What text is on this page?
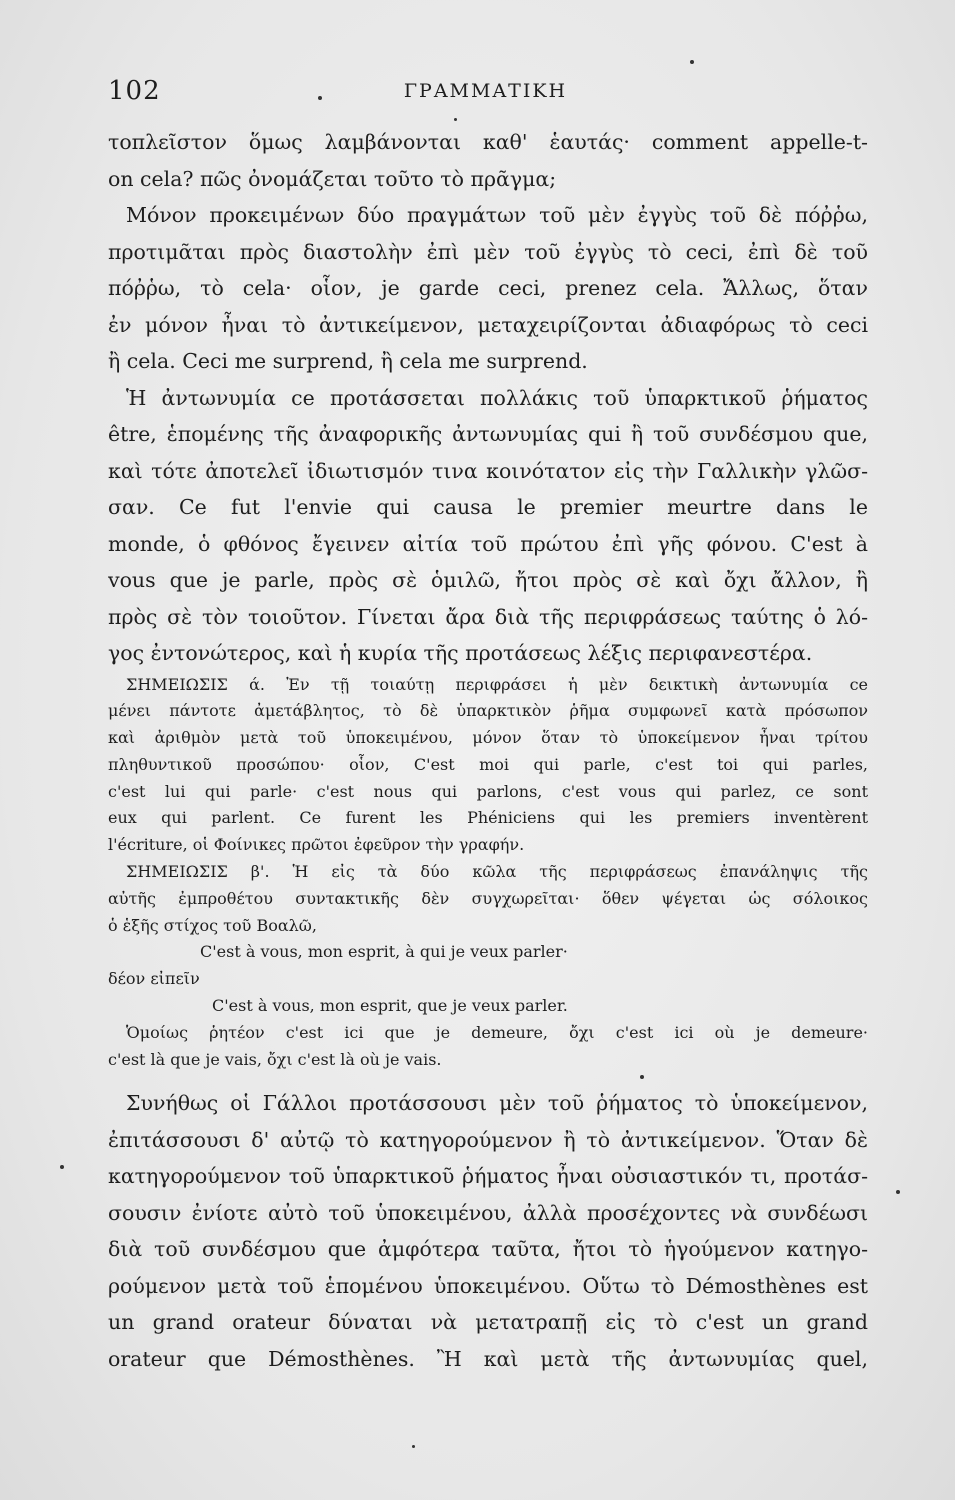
102	ΓΡΑΜΜΑΤΙΚΗ

τοπλεῖστον ὅμως λαμβάνονται καθ' ἑαυτάς· comment appelle-t-

on cela? πῶς ὀνομάζεται τοῦτο τὸ πρᾶγμα;

Μόνον προκειμένων δύο πραγμάτων τοῦ μὲν ἐγγὺς τοῦ δὲ πόῤῥω,

προτιμᾶται πρὸς διαστολὴν ἐπὶ μὲν τοῦ ἐγγὺς τὸ ceci, ἐπὶ δὲ τοῦ

πόῤῥω, τὸ cela· οἷον, je garde ceci, prenez cela. Ἄλλως, ὅταν

ἐν μόνον ἦναι τὸ ἀντικείμενον, μεταχειρίζονται ἀδιαφόρως τὸ ceci

ἢ cela. Ceci me surprend, ἢ cela me surprend.

Ἡ ἀντωνυμία ce προτάσσεται πολλάκις τοῦ ὑπαρκτικοῦ ῥήματος

être, ἑπομένης τῆς ἀναφορικῆς ἀντωνυμίας qui ἢ τοῦ συνδέσμου que,

καὶ τότε ἀποτελεῖ ἰδιωτισμόν τινα κοινότατον εἰς τὴν Γαλλικὴν γλῶσ-

σαν. Ce fut l'envie qui causa le premier meurtre dans le

monde, ὁ φθόνος ἔγεινεν αἰτία τοῦ πρώτου ἐπὶ γῆς φόνου. C'est à

vous que je parle, πρὸς σὲ ὁμιλῶ, ἤτοι πρὸς σὲ καὶ ὄχι ἄλλον, ἢ

πρὸς σὲ τὸν τοιοῦτον. Γίνεται ἄρα διὰ τῆς περιφράσεως ταύτης ὁ λό-

γος ἐντονώτερος, καὶ ἡ κυρία τῆς προτάσεως λέξις περιφανεστέρα.

ΣΗΜΕΙΩΣΙΣ ά. Ἐν τῇ τοιαύτῃ περιφράσει ἡ μὲν δεικτικὴ ἀντωνυμία ce

μένει πάντοτε ἀμετάβλητος, τὸ δὲ ὑπαρκτικὸν ῥῆμα συμφωνεῖ κατὰ πρόσωπον

καὶ ἀριθμὸν μετὰ τοῦ ὑποκειμένου, μόνον ὅταν τὸ ὑποκείμενον ἦναι τρίτου

πληθυντικοῦ προσώπου· οἷον, C'est moi qui parle, c'est toi qui parles,

c'est lui qui parle· c'est nous qui parlons, c'est vous qui parlez, ce sont

eux qui parlent. Ce furent les Phéniciens qui les premiers inventèrent

l'écriture, οἱ Φοίνικες πρῶτοι ἐφεῦρον τὴν γραφήν.

ΣΗΜΕΙΩΣΙΣ β'. Ἡ εἰς τὰ δύο κῶλα τῆς περιφράσεως ἐπανάληψις τῆς

αὐτῆς ἐμπροθέτου συντακτικῆς δὲν συγχωρεῖται· ὅθεν ψέγεται ὡς σόλοικος

ὁ ἑξῆς στίχος τοῦ Βοαλῶ,

C'est à vous, mon esprit, à qui je veux parler·

δέον εἰπεῖν

C'est à vous, mon esprit, que je veux parler.

Ὁμοίως ῥητέον c'est ici que je demeure, ὄχι c'est ici où je demeure·

c'est là que je vais, ὄχι c'est là où je vais.

Συνήθως οἱ Γάλλοι προτάσσουσι μὲν τοῦ ῥήματος τὸ ὑποκείμενον,

ἐπιτάσσουσι δ' αὐτῷ τὸ κατηγορούμενον ἢ τὸ ἀντικείμενον. Ὅταν δὲ

κατηγορούμενον τοῦ ὑπαρκτικοῦ ῥήματος ἦναι οὐσιαστικόν τι, προτάσ-

σουσιν ἐνίοτε αὐτὸ τοῦ ὑποκειμένου, ἀλλὰ προσέχοντες νὰ συνδέωσι

διὰ τοῦ συνδέσμου que ἀμφότερα ταῦτα, ἤτοι τὸ ἡγούμενον κατηγο-

ρούμενον μετὰ τοῦ ἑπομένου ὑποκειμένου. Οὕτω τὸ Démosthènes est

un grand orateur δύναται νὰ μετατραπῇ εἰς τὸ c'est un grand

orateur que Démosthènes. Ἢ καὶ μετὰ τῆς ἀντωνυμίας quel,
